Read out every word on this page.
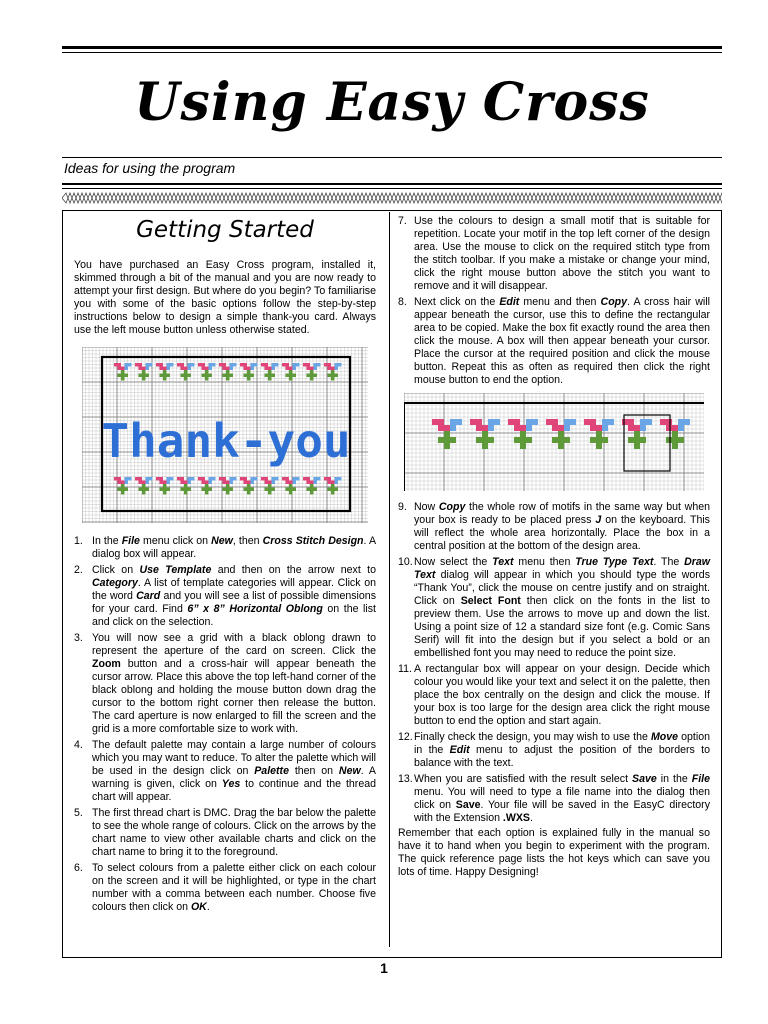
Using Easy Cross
Ideas for using the program
Getting Started

You have purchased an Easy Cross program, installed it, skimmed through a bit of the manual and you are now ready to attempt your first design. But where do you begin? To familiarise you with some of the basic options follow the step-by-step instructions below to design a simple thank-you card. Always use the left mouse button unless otherwise stated.

Thank-you
1. In the File menu click on New, then Cross Stitch Design. A dialog box will appear.
2. Click on Use Template and then on the arrow next to Category. A list of template categories will appear. Click on the word Card and you will see a list of possible dimensions for your card. Find 6” x 8” Horizontal Oblong on the list and click on the selection.
3. You will now see a grid with a black oblong drawn to represent the aperture of the card on screen. Click the Zoom button and a cross-hair will appear beneath the cursor arrow. Place this above the top left-hand corner of the black oblong and holding the mouse button down drag the cursor to the bottom right corner then release the button. The card aperture is now enlarged to fill the screen and the grid is a more comfortable size to work with.
4. The default palette may contain a large number of colours which you may want to reduce. To alter the palette which will be used in the design click on Palette then on New. A warning is given, click on Yes to continue and the thread chart will appear.
5. The first thread chart is DMC. Drag the bar below the palette to see the whole range of colours. Click on the arrows by the chart name to view other available charts and click on the chart name to bring it to the foreground.
6. To select colours from a palette either click on each colour on the screen and it will be highlighted, or type in the chart number with a comma between each number. Choose five colours then click on OK.
7. Use the colours to design a small motif that is suitable for repetition. Locate your motif in the top left corner of the design area. Use the mouse to click on the required stitch type from the stitch toolbar. If you make a mistake or change your mind, click the right mouse button above the stitch you want to remove and it will disappear.
8. Next click on the Edit menu and then Copy. A cross hair will appear beneath the cursor, use this to define the rectangular area to be copied. Make the box fit exactly round the area then click the mouse. A box will then appear beneath your cursor. Place the cursor at the required position and click the mouse button. Repeat this as often as required then click the right mouse button to end the option.
9. Now Copy the whole row of motifs in the same way but when your box is ready to be placed press J on the keyboard. This will reflect the whole area horizontally. Place the box in a central position at the bottom of the design area.
10. Now select the Text menu then True Type Text. The Draw Text dialog will appear in which you should type the words “Thank You”, click the mouse on centre justify and on straight. Click on Select Font then click on the fonts in the list to preview them. Use the arrows to move up and down the list. Using a point size of 12 a standard size font (e.g. Comic Sans Serif) will fit into the design but if you select a bold or an embellished font you may need to reduce the point size.
11. A rectangular box will appear on your design. Decide which colour you would like your text and select it on the palette, then place the box centrally on the design and click the mouse. If your box is too large for the design area click the right mouse button to end the option and start again.
12. Finally check the design, you may wish to use the Move option in the Edit menu to adjust the position of the borders to balance with the text.
13. When you are satisfied with the result select Save in the File menu. You will need to type a file name into the dialog then click on Save. Your file will be saved in the EasyC directory with the Extension .WXS.

Remember that each option is explained fully in the manual so have it to hand when you begin to experiment with the program. The quick reference page lists the hot keys which can save you lots of time. Happy Designing!

1
